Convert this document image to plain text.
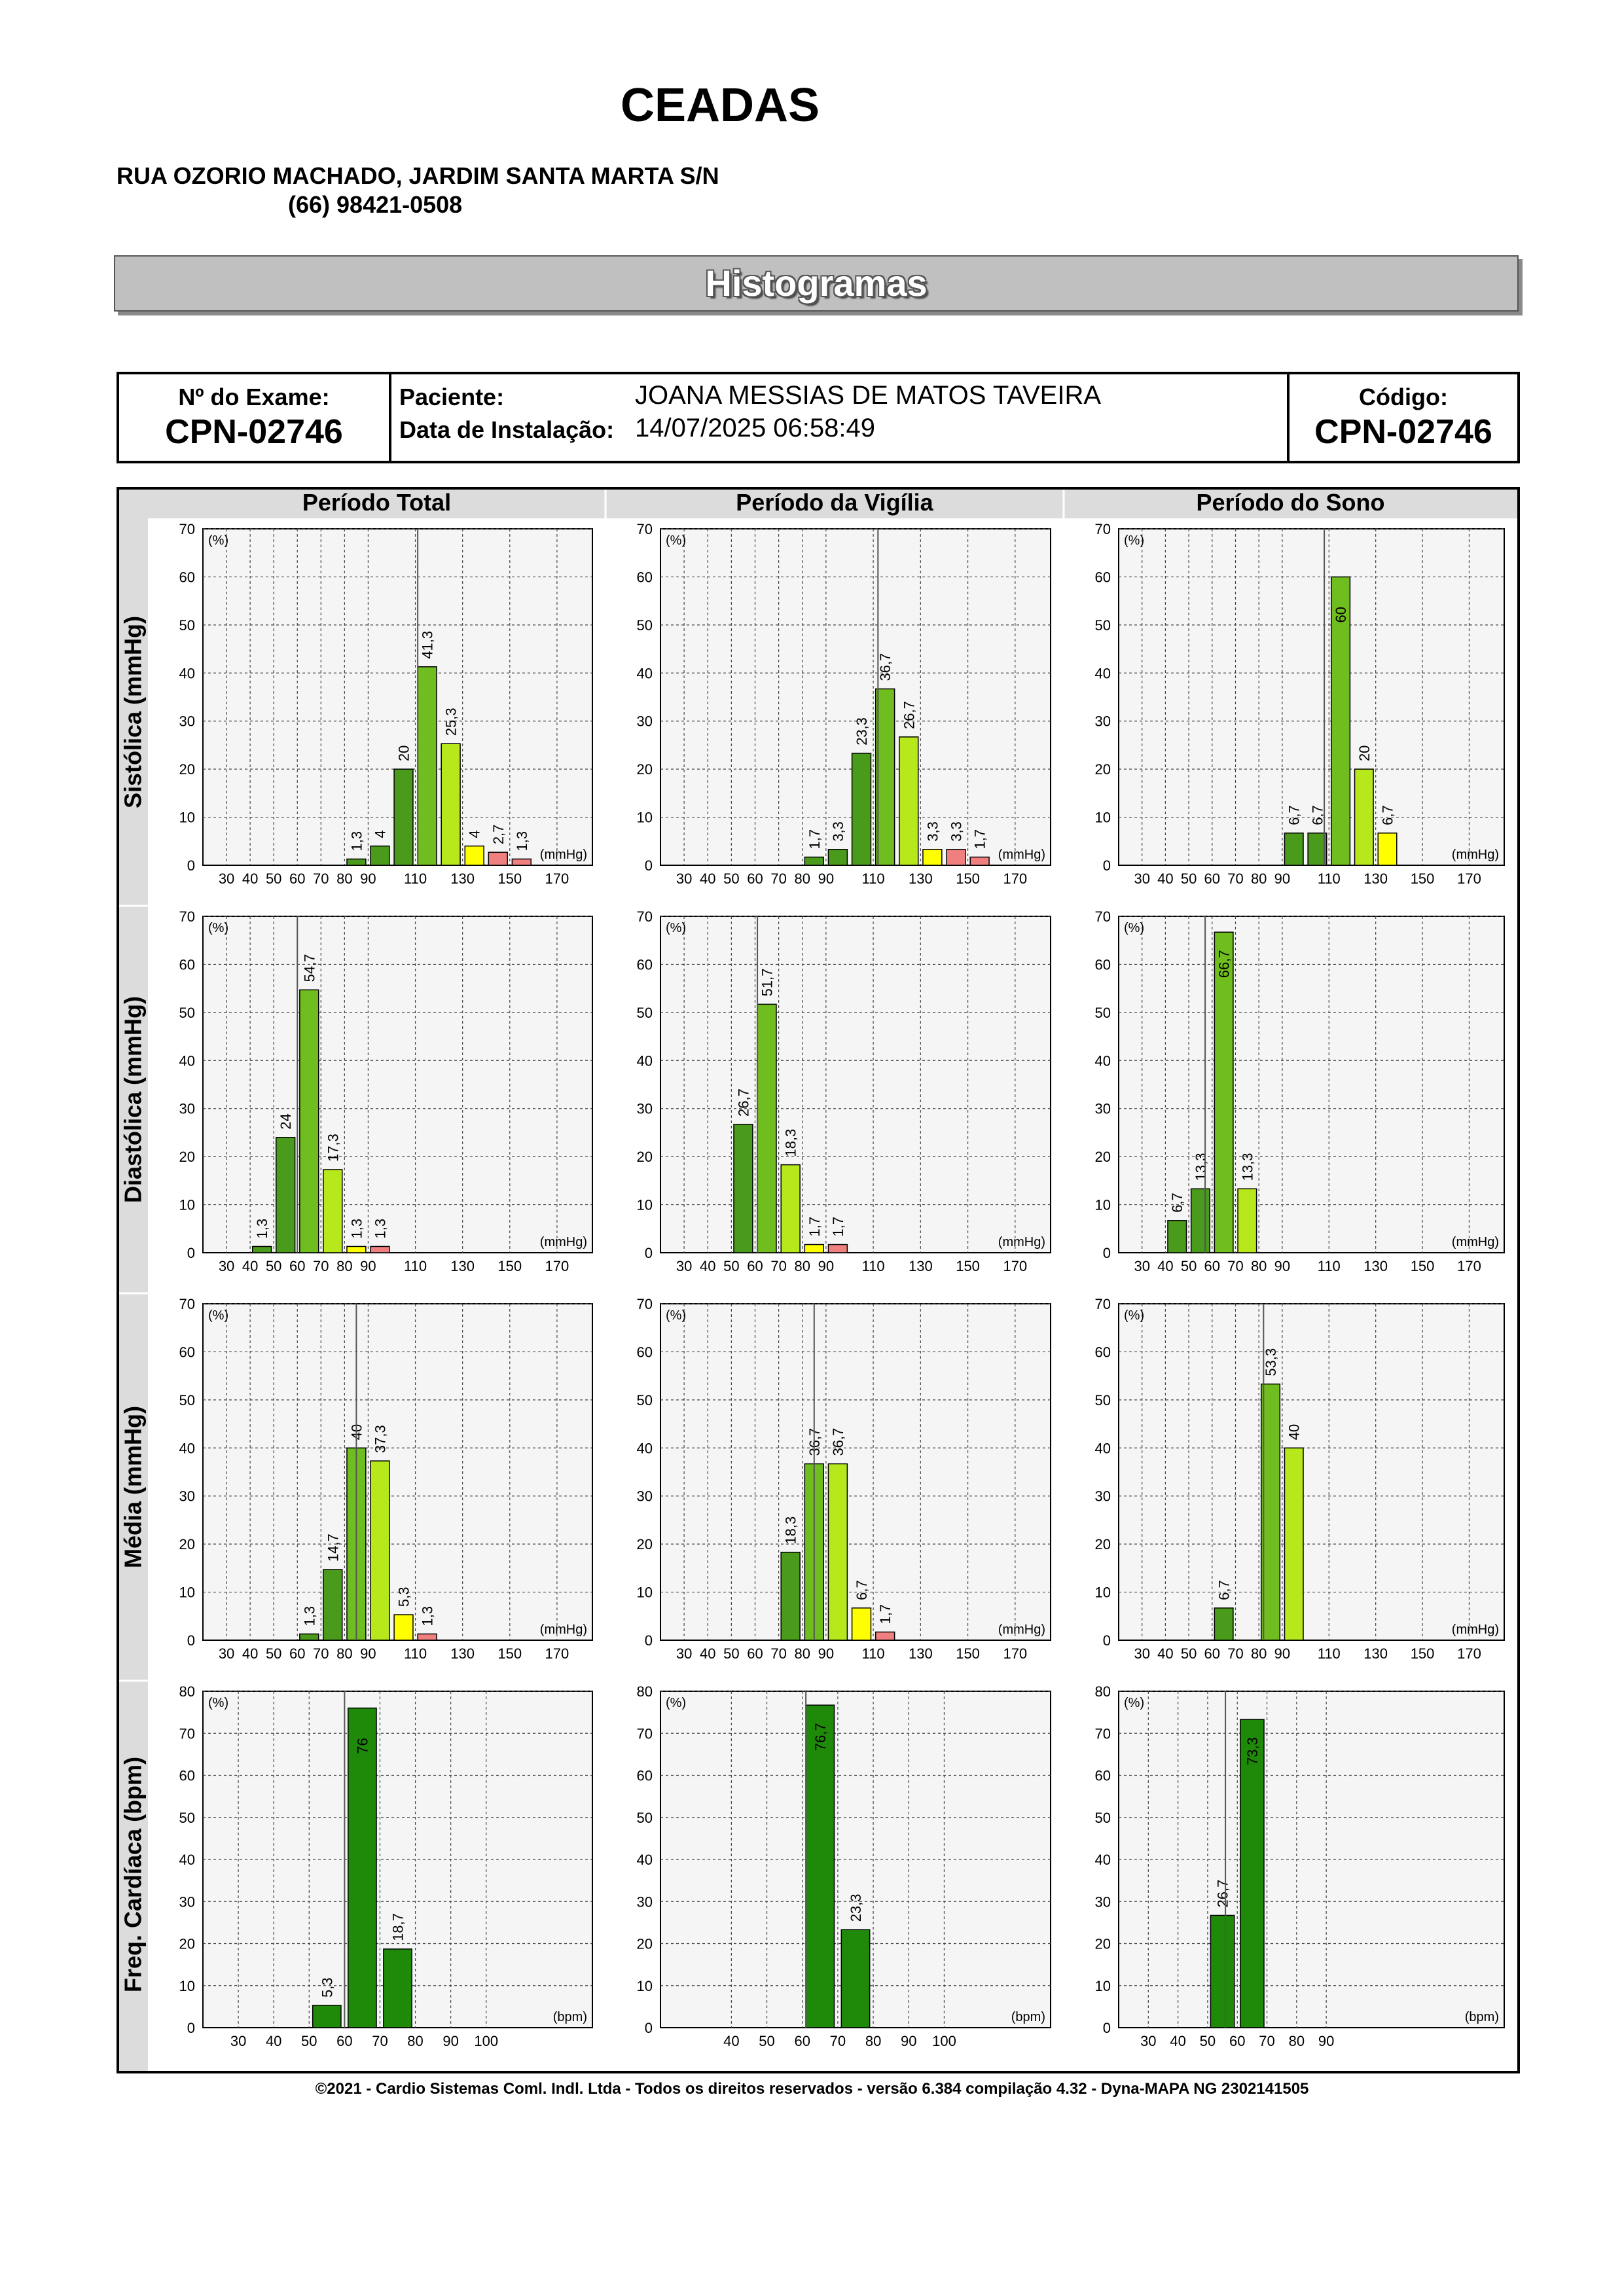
CEADAS
RUA OZORIO MACHADO, JARDIM SANTA MARTA S/N
(66) 98421-0508
Histogramas
Nº do Exame:
CPN-02746
Paciente:	JOANA MESSIAS DE MATOS TAVEIRA
Data de Instalação: 14/07/2025 06:58:49
Código:
CPN-02746
Período Total	Período da Vigília	Período do Sono
Sistólica (mmHg)
Diastólica (mmHg)
Média (mmHg)
Freq. Cardíaca (bpm)
0
10
20
30
40
50
60
70
30 40 50 60 70 80 90 110 130 150 170
(%)
(mmHg)
1,3 4
20
41,3
25,3
4 2,7 1,3
0
10
20
30
40
50
60
70
30 40 50 60 70 80 90 110 130 150 170
(%)
(mmHg)
1,7 3,3
23,3
36,7
26,7
3,3 3,3 1,7
0
10
20
30
40
50
60
70
30 40 50 60 70 80 90 110 130 150 170
(%)
(mmHg)
6,7 6,7
60
20
6,7
0
10
20
30
40
50
60
70
30 40 50 60 70 80 90 110 130 150 170
(%)
(mmHg)
1,3
24
54,7
17,3
1,3 1,3
0
10
20
30
40
50
60
70
30 40 50 60 70 80 90 110 130 150 170
(%)
(mmHg)
26,7
51,7
18,3
1,7 1,7
0
10
20
30
40
50
60
70
30 40 50 60 70 80 90 110 130 150 170
(%)
(mmHg)
6,7
13,3
66,7
13,3
0
10
20
30
40
50
60
70
30 40 50 60 70 80 90 110 130 150 170
(%)
(mmHg)
1,3
14,7
40 37,3
5,3
1,3
0
10
20
30
40
50
60
70
30 40 50 60 70 80 90 110 130 150 170
(%)
(mmHg)
18,3
36,7 36,7
6,7
1,7
0
10
20
30
40
50
60
70
30 40 50 60 70 80 90 110 130 150 170
(%)
(mmHg)
6,7
53,3
40
0
10
20
30
40
50
60
70
80
30 40 50 60 70 80 90 100
(%)
(bpm)
5,3
76
18,7
0
10
20
30
40
50
60
70
80
40 50 60 70 80 90 100
(%)
(bpm)
76,7
23,3
0
10
20
30
40
50
60
70
80
30 40 50 60 70 80 90
(%)
(bpm)
26,7
73,3
©2021 - Cardio Sistemas Coml. Indl. Ltda - Todos os direitos reservados - versão 6.384 compilação 4.32 - Dyna-MAPA NG 2302141505
